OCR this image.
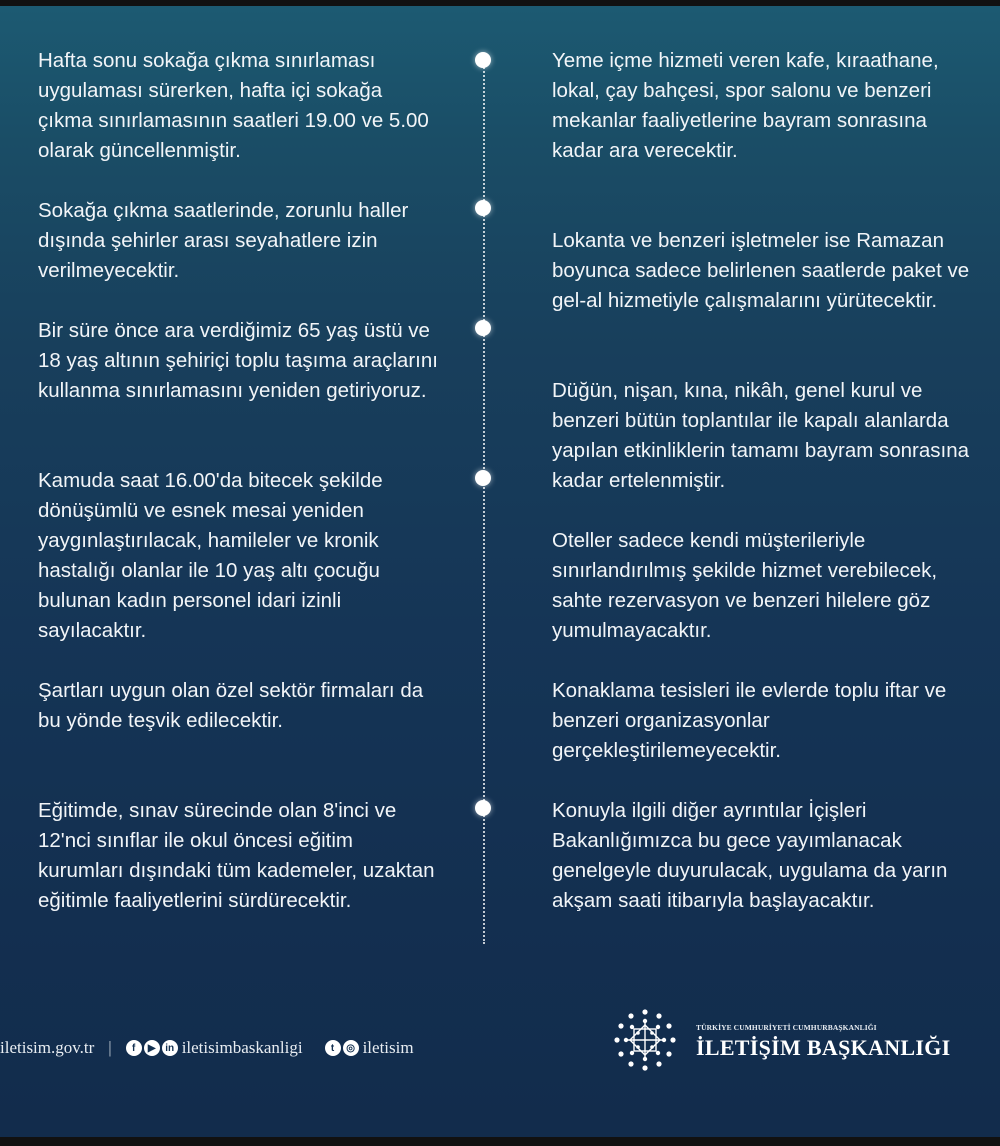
Hafta sonu sokağa çıkma sınırlaması uygulaması sürerken, hafta içi sokağa çıkma sınırlamasının saatleri 19.00 ve 5.00 olarak güncellenmiştir.

Sokağa çıkma saatlerinde, zorunlu haller dışında şehirler arası seyahatlere izin verilmeyecektir.

Bir süre önce ara verdiğimiz 65 yaş üstü ve 18 yaş altının şehiriçi toplu taşıma araçlarını kullanma sınırlamasını yeniden getiriyoruz.

Kamuda saat 16.00'da bitecek şekilde dönüşümlü ve esnek mesai yeniden yaygınlaştırılacak, hamileler ve kronik hastalığı olanlar ile 10 yaş altı çocuğu bulunan kadın personel idari izinli sayılacaktır.

Şartları uygun olan özel sektör firmaları da bu yönde teşvik edilecektir.

Eğitimde, sınav sürecinde olan 8'inci ve 12'nci sınıflar ile okul öncesi eğitim kurumları dışındaki tüm kademeler, uzaktan eğitimle faaliyetlerini sürdürecektir.

Yeme içme hizmeti veren kafe, kıraathane, lokal, çay bahçesi, spor salonu ve benzeri mekanlar faaliyetlerine bayram sonrasına kadar ara verecektir.

Lokanta ve benzeri işletmeler ise Ramazan boyunca sadece belirlenen saatlerde paket ve gel-al hizmetiyle çalışmalarını yürütecektir.

Düğün, nişan, kına, nikâh, genel kurul ve benzeri bütün toplantılar ile kapalı alanlarda yapılan etkinliklerin tamamı bayram sonrasına kadar ertelenmiştir.

Oteller sadece kendi müşterileriyle sınırlandırılmış şekilde hizmet verebilecek, sahte rezervasyon ve benzeri hilelere göz yumulmayacaktır.

Konaklama tesisleri ile evlerde toplu iftar ve benzeri organizasyonlar gerçekleştirilemeyecektir.

Konuyla ilgili diğer ayrıntılar İçişleri Bakanlığımızca bu gece yayımlanacak genelgeyle duyurulacak, uygulama da yarın akşam saati itibarıyla başlayacaktır.

iletisim.gov.tr |	f	▶ in iletisimbaskanligi	t	◎ iletisim
TÜRKİYE CUMHURİYETİ CUMHURBAŞKANLIĞI
İLETİŞİM BAŞKANLIĞI
